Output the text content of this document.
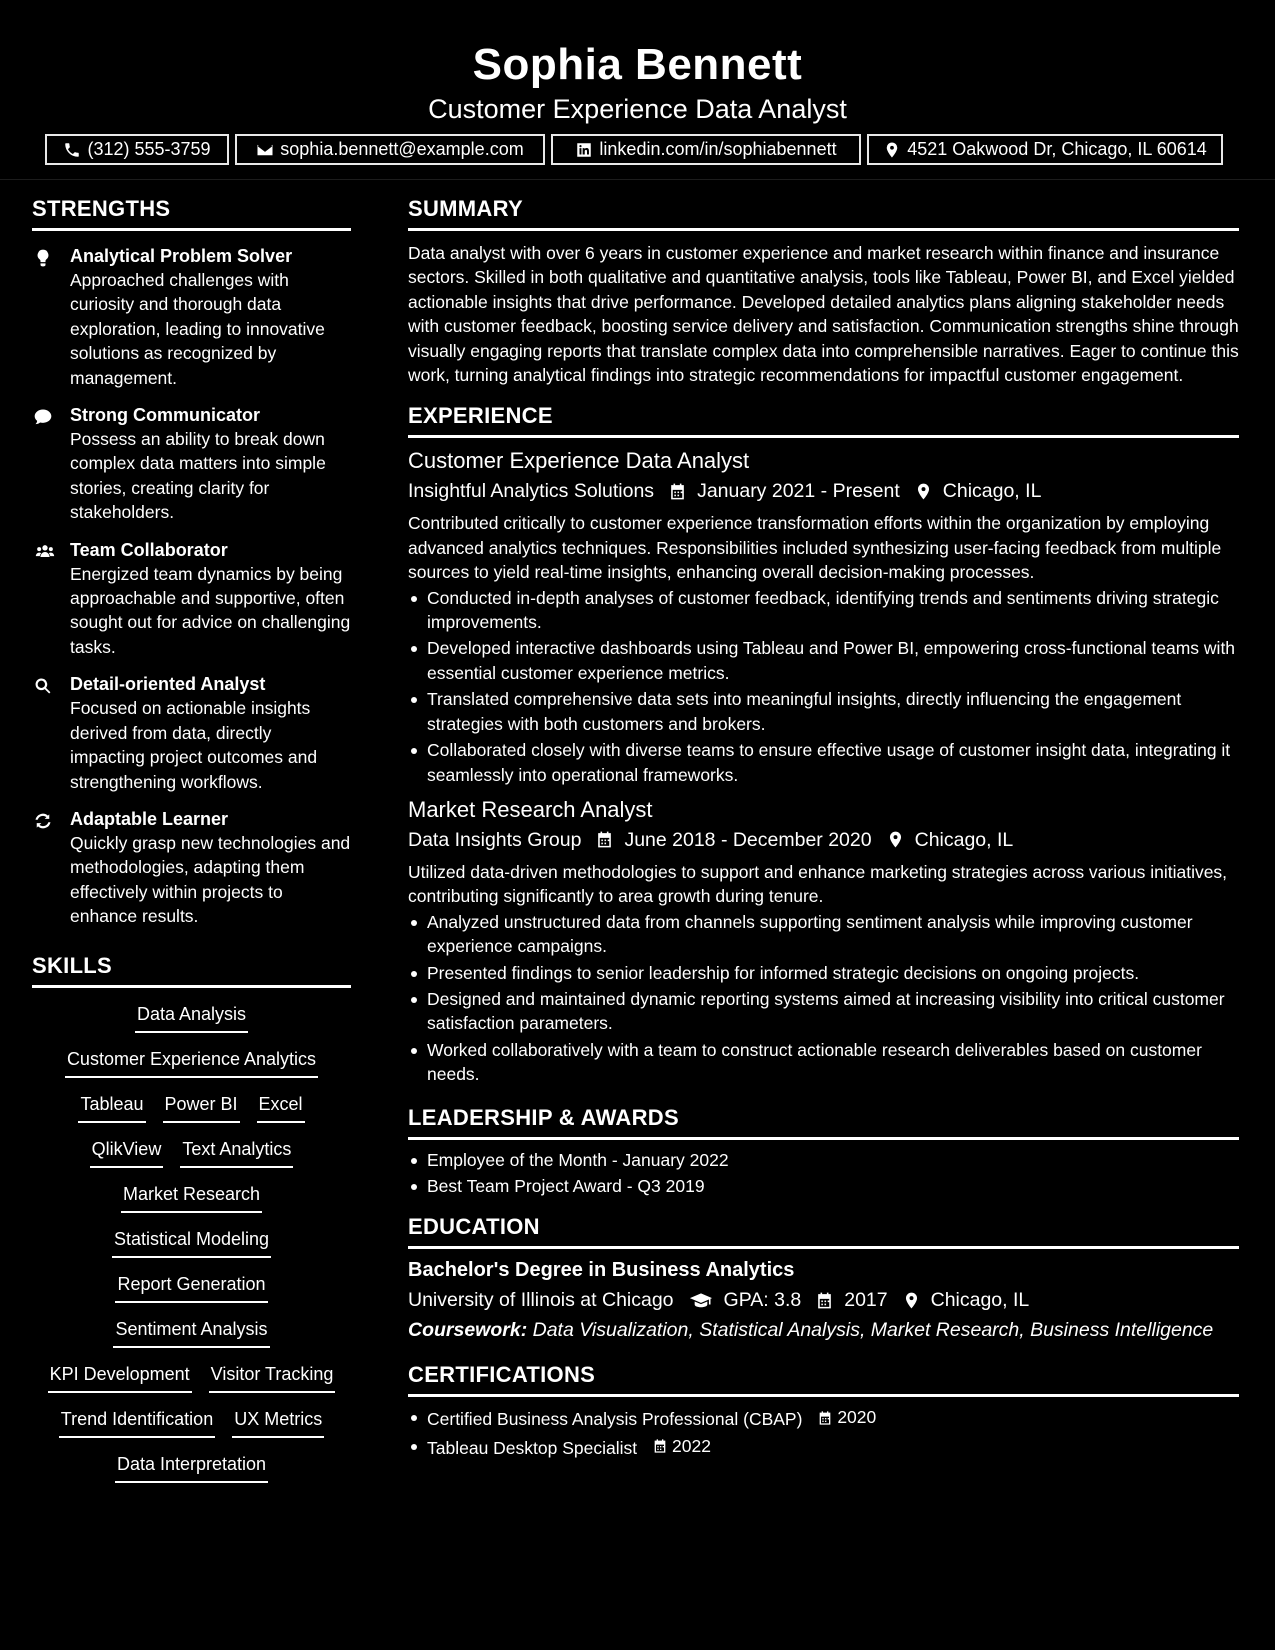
Sophia Bennett
Customer Experience Data Analyst
(312) 555-3759	sophia.bennett@example.com	linkedin.com/in/sophiabennett	4521 Oakwood Dr, Chicago, IL 60614
STRENGTHS
Analytical Problem Solver
Approached challenges with curiosity and thorough data exploration, leading to innovative solutions as recognized by management.
Strong Communicator
Possess an ability to break down complex data matters into simple stories, creating clarity for stakeholders.
Team Collaborator
Energized team dynamics by being approachable and supportive, often sought out for advice on challenging tasks.
Detail-oriented Analyst
Focused on actionable insights derived from data, directly impacting project outcomes and strengthening workflows.
Adaptable Learner
Quickly grasp new technologies and methodologies, adapting them effectively within projects to enhance results.
SKILLS
Data Analysis
Customer Experience Analytics
Tableau Power BI Excel
QlikView Text Analytics
Market Research
Statistical Modeling
Report Generation
Sentiment Analysis
KPI Development Visitor Tracking
Trend Identification UX Metrics
Data Interpretation
SUMMARY
Data analyst with over 6 years in customer experience and market research within finance and insurance sectors. Skilled in both qualitative and quantitative analysis, tools like Tableau, Power BI, and Excel yielded actionable insights that drive performance. Developed detailed analytics plans aligning stakeholder needs with customer feedback, boosting service delivery and satisfaction. Communication strengths shine through visually engaging reports that translate complex data into comprehensible narratives. Eager to continue this work, turning analytical findings into strategic recommendations for impactful customer engagement.
EXPERIENCE
Customer Experience Data Analyst
Insightful Analytics Solutions January 2021 - Present Chicago, IL
Contributed critically to customer experience transformation efforts within the organization by employing advanced analytics techniques. Responsibilities included synthesizing user-facing feedback from multiple sources to yield real-time insights, enhancing overall decision-making processes.
Conducted in-depth analyses of customer feedback, identifying trends and sentiments driving strategic improvements.
Developed interactive dashboards using Tableau and Power BI, empowering cross-functional teams with essential customer experience metrics.
Translated comprehensive data sets into meaningful insights, directly influencing the engagement strategies with both customers and brokers.
Collaborated closely with diverse teams to ensure effective usage of customer insight data, integrating it seamlessly into operational frameworks.
Market Research Analyst
Data Insights Group June 2018 - December 2020 Chicago, IL
Utilized data-driven methodologies to support and enhance marketing strategies across various initiatives, contributing significantly to area growth during tenure.
Analyzed unstructured data from channels supporting sentiment analysis while improving customer experience campaigns.
Presented findings to senior leadership for informed strategic decisions on ongoing projects.
Designed and maintained dynamic reporting systems aimed at increasing visibility into critical customer satisfaction parameters.
Worked collaboratively with a team to construct actionable research deliverables based on customer needs.
LEADERSHIP & AWARDS
Employee of the Month - January 2022
Best Team Project Award - Q3 2019
EDUCATION
Bachelor's Degree in Business Analytics
University of Illinois at Chicago	GPA: 3.8 2017 Chicago, IL
Coursework: Data Visualization, Statistical Analysis, Market Research, Business Intelligence
CERTIFICATIONS
Certified Business Analysis Professional (CBAP) 2020
Tableau Desktop Specialist 2022
